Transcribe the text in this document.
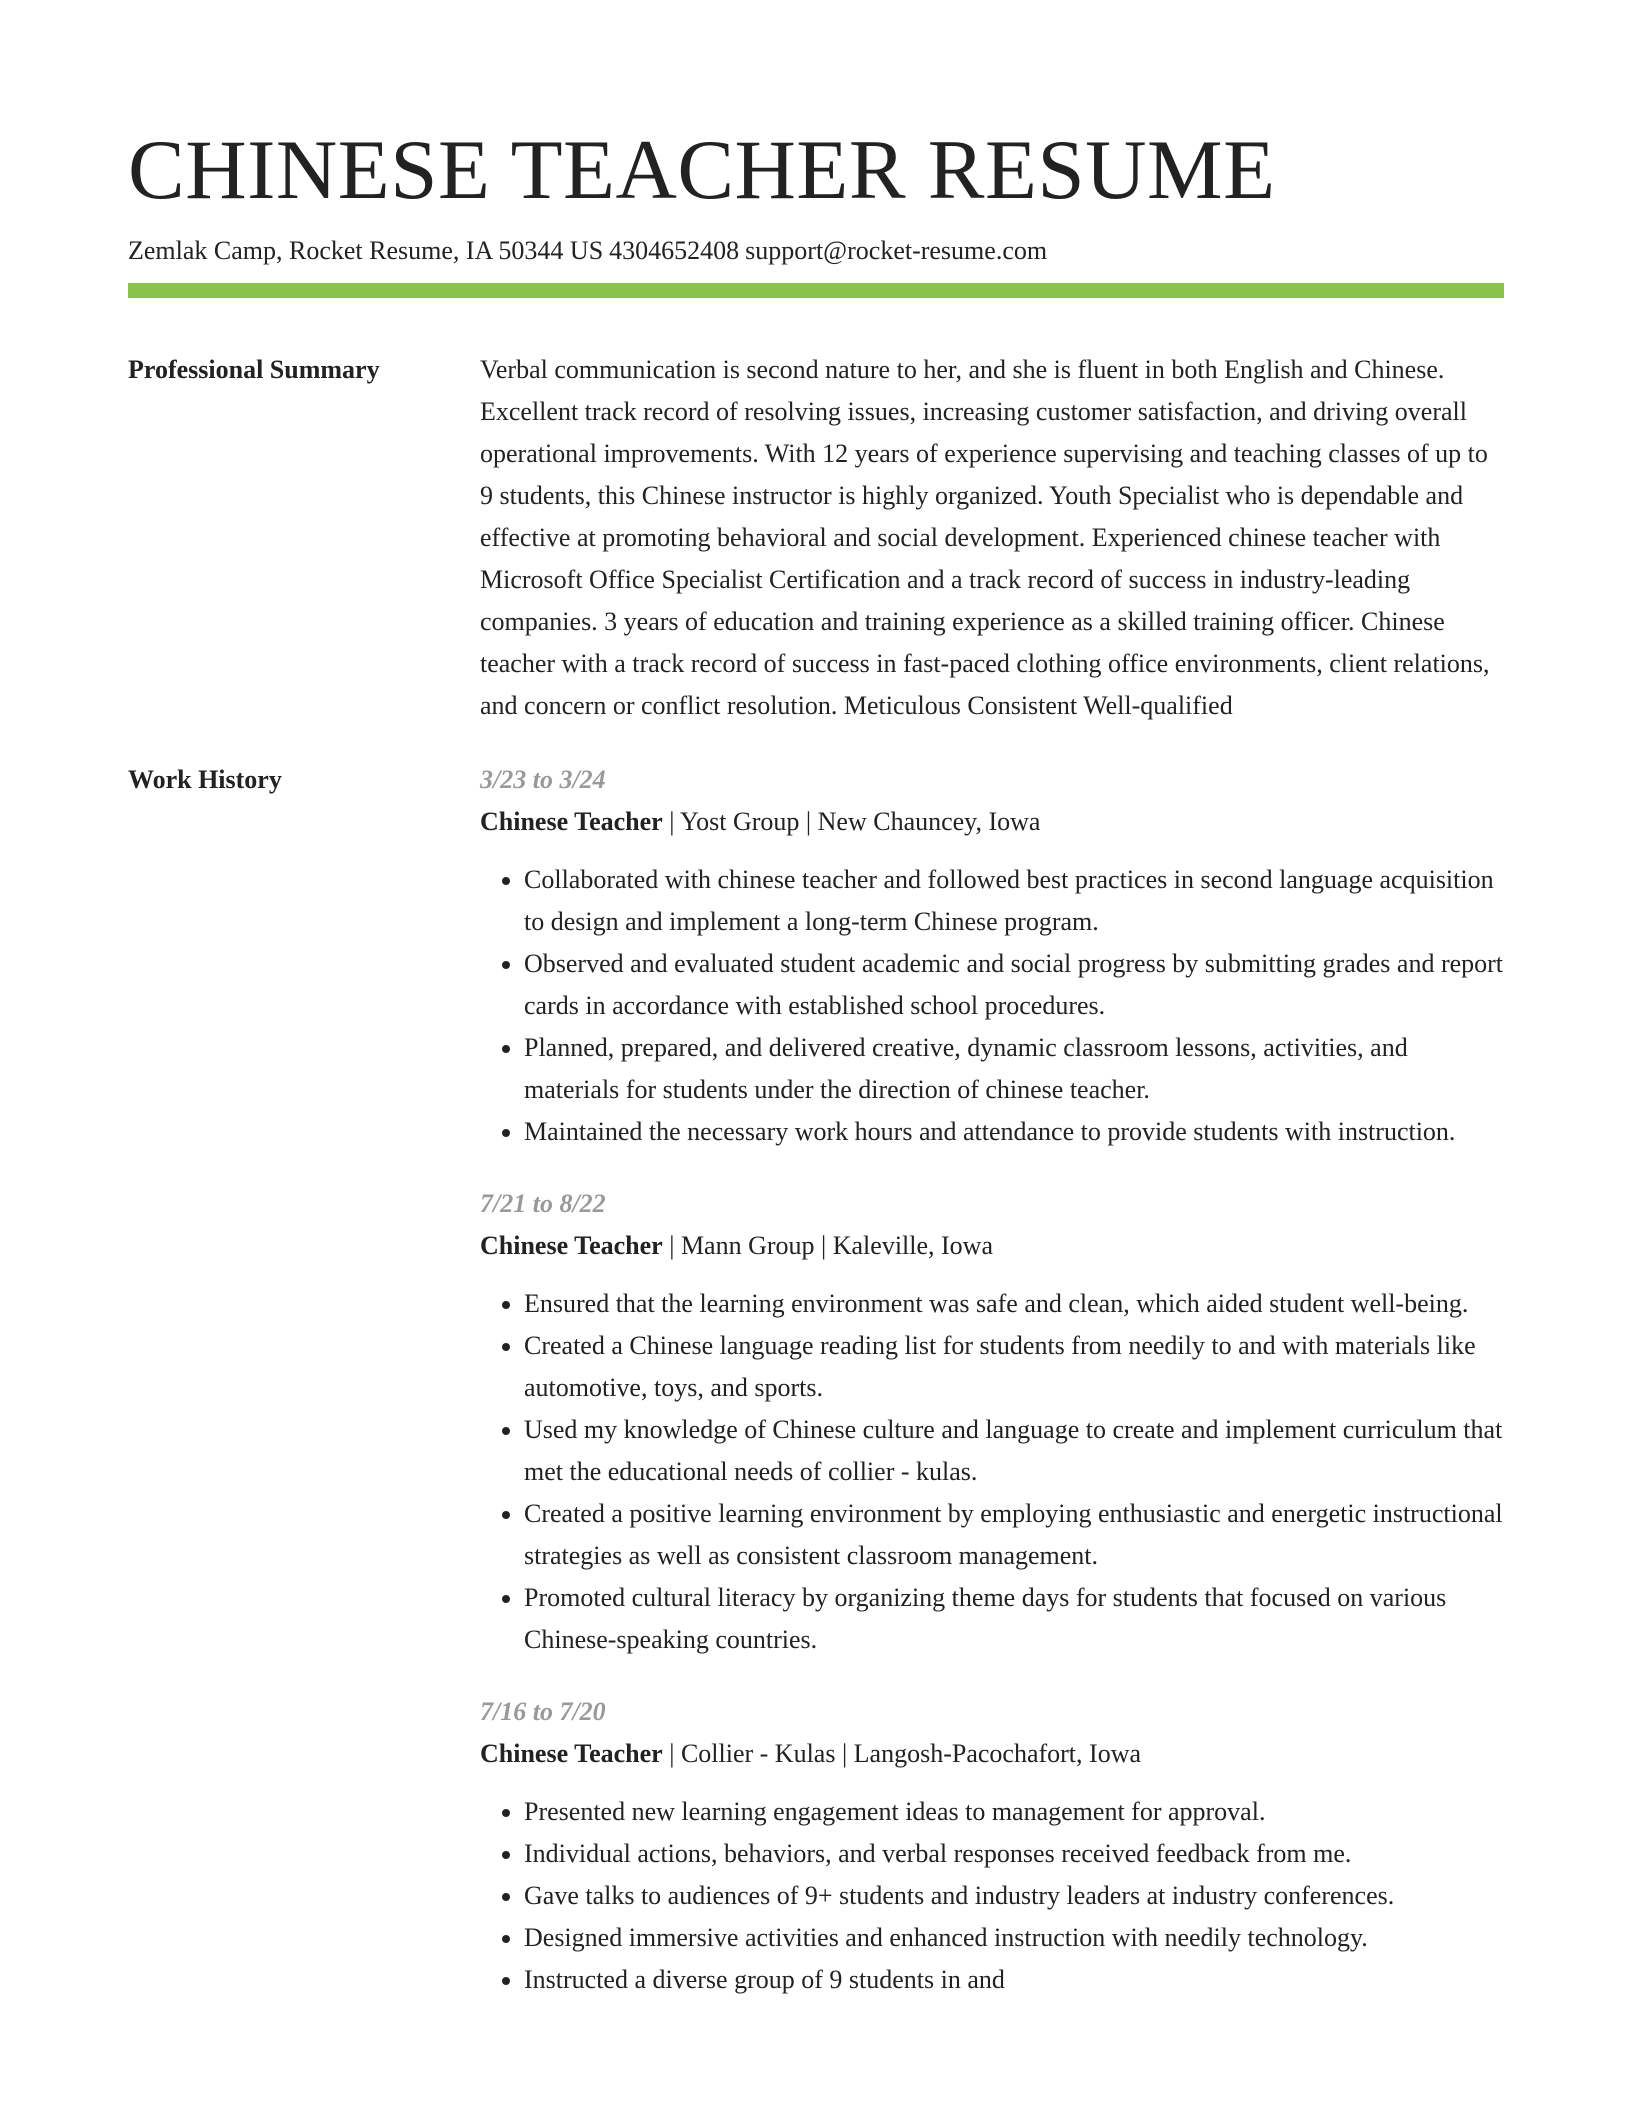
CHINESE TEACHER RESUME
Zemlak Camp, Rocket Resume, IA 50344 US 4304652408 support@rocket-resume.com
Professional Summary	Verbal communication is second nature to her, and she is fluent in both English and Chinese. Excellent track record of resolving issues, increasing customer satisfaction, and driving overall operational improvements. With 12 years of experience supervising and teaching classes of up to 9 students, this Chinese instructor is highly organized. Youth Specialist who is dependable and effective at promoting behavioral and social development. Experienced chinese teacher with Microsoft Office Specialist Certification and a track record of success in industry-leading companies. 3 years of education and training experience as a skilled training officer. Chinese teacher with a track record of success in fast-paced clothing office environments, client relations, and concern or conflict resolution. Meticulous Consistent Well-qualified

Work History	3/23 to 3/24
Chinese Teacher | Yost Group | New Chauncey, Iowa
• Collaborated with chinese teacher and followed best practices in second language acquisition to design and implement a long-term Chinese program.
• Observed and evaluated student academic and social progress by submitting grades and report cards in accordance with established school procedures.
• Planned, prepared, and delivered creative, dynamic classroom lessons, activities, and materials for students under the direction of chinese teacher.
• Maintained the necessary work hours and attendance to provide students with instruction.
7/21 to 8/22
Chinese Teacher | Mann Group | Kaleville, Iowa
• Ensured that the learning environment was safe and clean, which aided student well-being.
• Created a Chinese language reading list for students from needily to and with materials like automotive, toys, and sports.
• Used my knowledge of Chinese culture and language to create and implement curriculum that met the educational needs of collier - kulas.
• Created a positive learning environment by employing enthusiastic and energetic instructional strategies as well as consistent classroom management.
• Promoted cultural literacy by organizing theme days for students that focused on various Chinese-speaking countries.
7/16 to 7/20
Chinese Teacher | Collier - Kulas | Langosh-Pacochafort, Iowa
• Presented new learning engagement ideas to management for approval.
• Individual actions, behaviors, and verbal responses received feedback from me.
• Gave talks to audiences of 9+ students and industry leaders at industry conferences.
• Designed immersive activities and enhanced instruction with needily technology.
• Instructed a diverse group of 9 students in and
